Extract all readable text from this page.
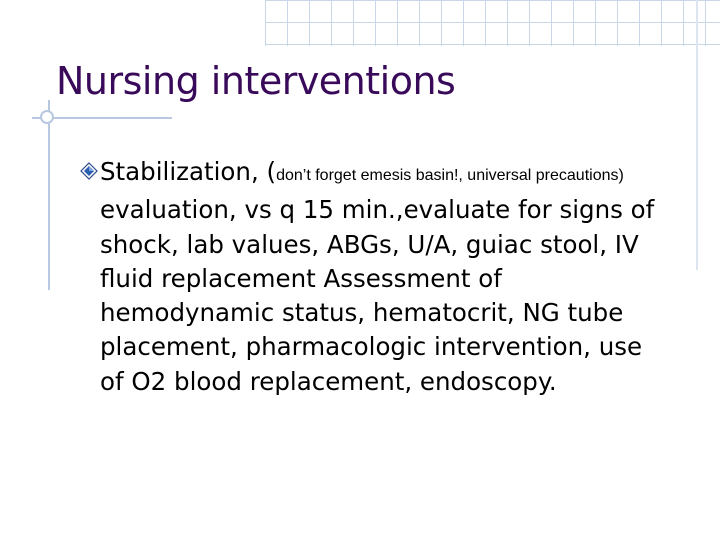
Nursing interventions

Stabilization, (don’t forget emesis basin!, universal precautions) evaluation, vs q 15 min.,evaluate for signs of shock, lab values, ABGs, U/A, guiac stool, IV fluid replacement Assessment of hemodynamic status, hematocrit, NG tube placement, pharmacologic intervention, use of O2 blood replacement, endoscopy.
